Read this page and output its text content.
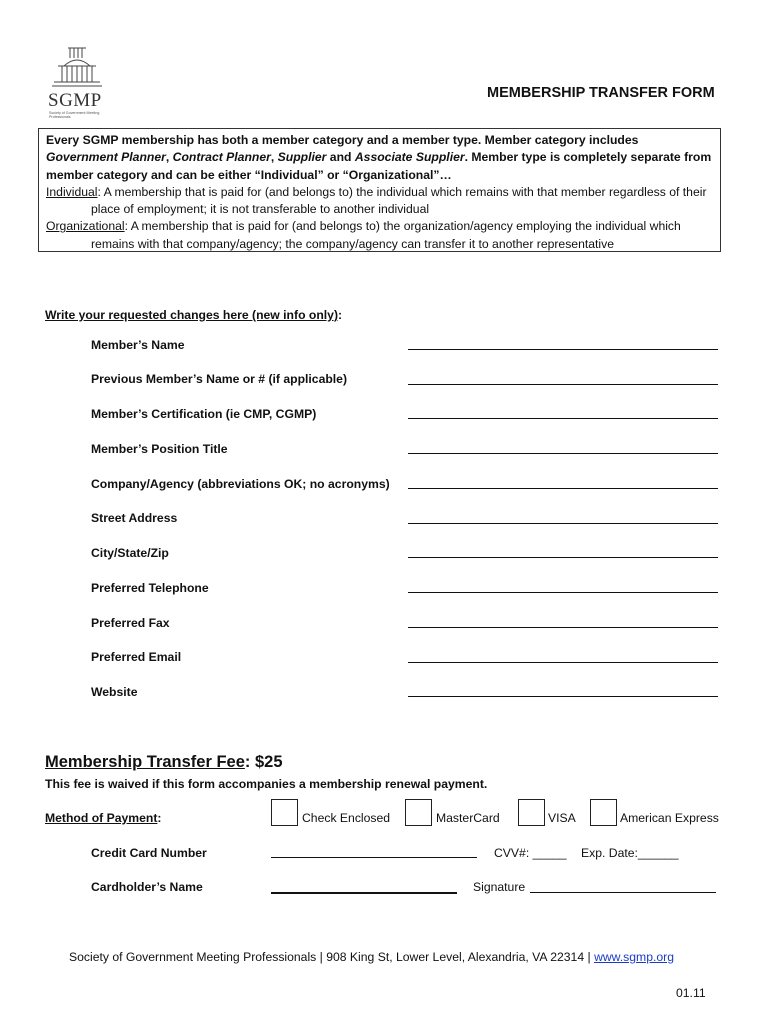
SGMP
Society of Government Meeting Professionals
MEMBERSHIP TRANSFER FORM

Every SGMP membership has both a member category and a member type. Member category includes Government Planner, Contract Planner, Supplier and Associate Supplier. Member type is completely separate from member category and can be either “Individual” or “Organizational”…

Individual: A membership that is paid for (and belongs to) the individual which remains with that member regardless of their place of employment; it is not transferable to another individual

Organizational: A membership that is paid for (and belongs to) the organization/agency employing the individual which remains with that company/agency; the company/agency can transfer it to another representative

Write your requested changes here (new info only):
Member’s Name
Previous Member’s Name or # (if applicable)
Member’s Certification (ie CMP, CGMP)
Member’s Position Title
Company/Agency (abbreviations OK; no acronyms)
Street Address
City/State/Zip
Preferred Telephone
Preferred Fax
Preferred Email
Website
Membership Transfer Fee: $25
This fee is waived if this form accompanies a membership renewal payment.
Method of Payment:	Check Enclosed	MasterCard	VISA	American Express
Credit Card Number	CVV#: _____ Exp. Date:______
Cardholder’s Name	Signature
Society of Government Meeting Professionals | 908 King St, Lower Level, Alexandria, VA 22314 | www.sgmp.org
01.11
